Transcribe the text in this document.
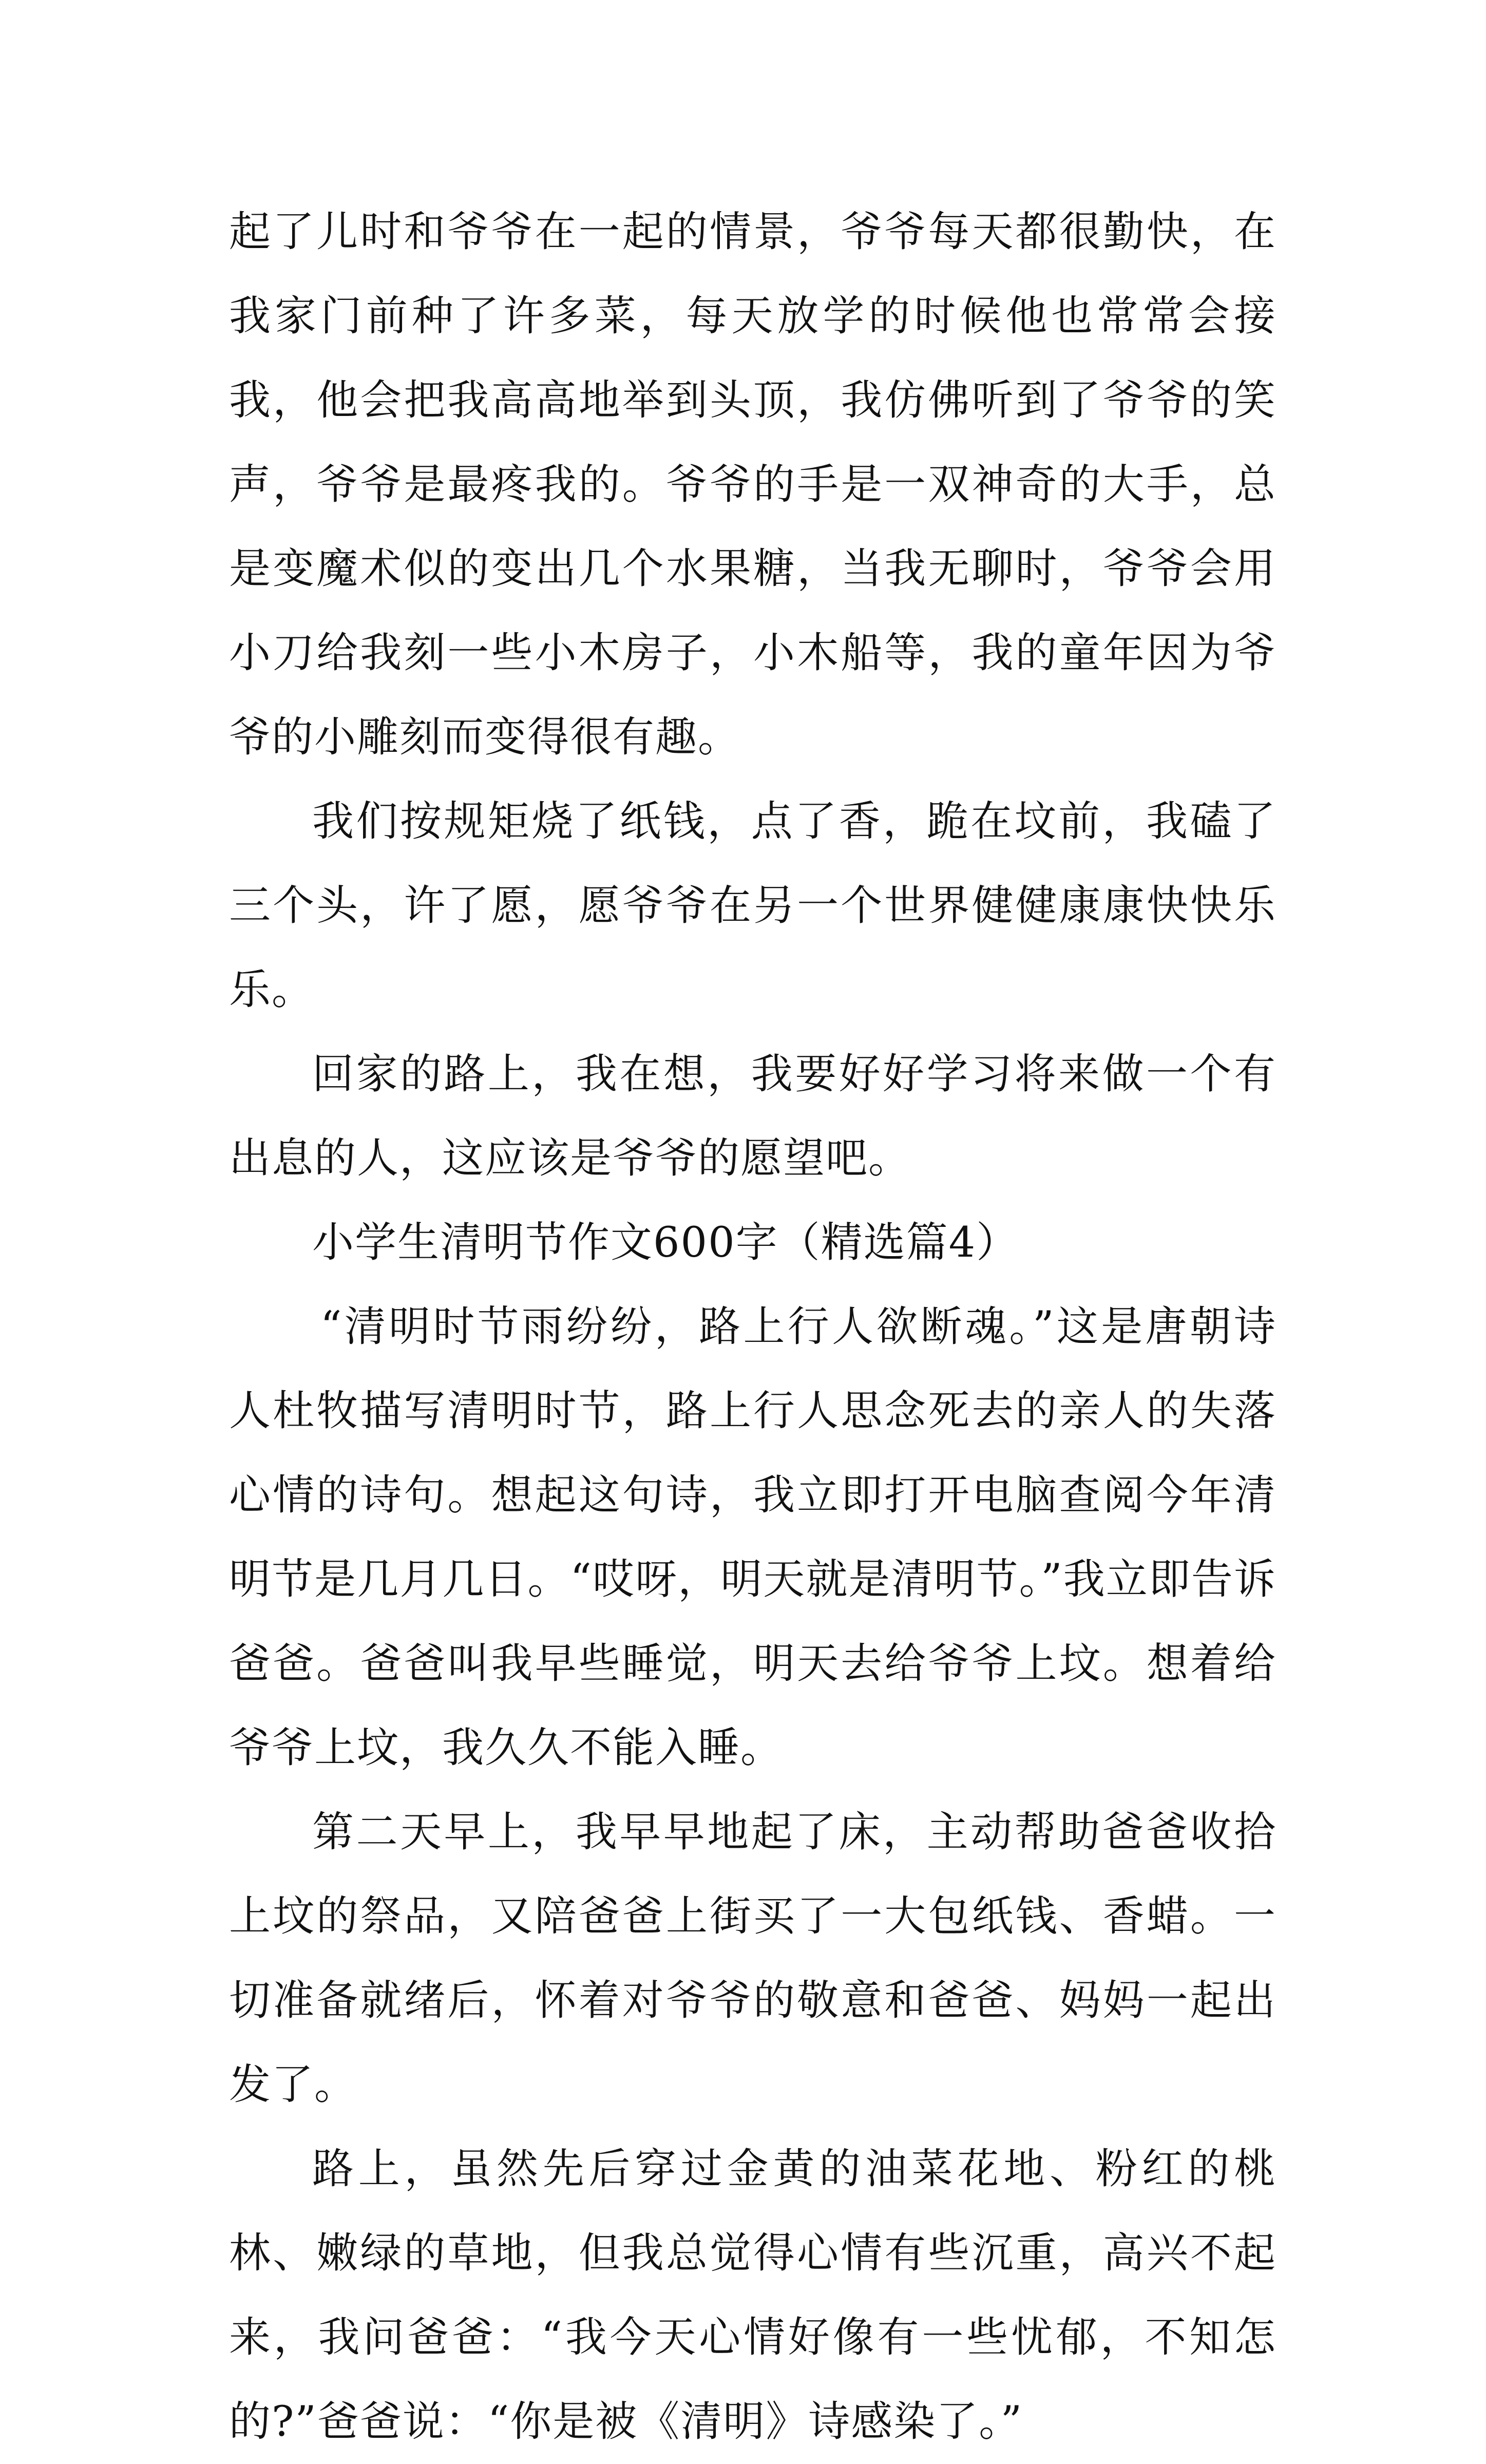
起了儿时和爷爷在一起的情景，爷爷每天都很勤快，在我家门前种了许多菜，每天放学的时候他也常常会接我，他会把我高高地举到头顶，我仿佛听到了爷爷的笑声，爷爷是最疼我的。爷爷的手是一双神奇的大手，总是变魔术似的变出几个水果糖，当我无聊时，爷爷会用小刀给我刻一些小木房子，小木船等，我的童年因为爷爷的小雕刻而变得很有趣。

我们按规矩烧了纸钱，点了香，跪在坟前，我磕了三个头，许了愿，愿爷爷在另一个世界健健康康快快乐乐。

回家的路上，我在想，我要好好学习将来做一个有出息的人，这应该是爷爷的愿望吧。

小学生清明节作文600字（精选篇4）

“清明时节雨纷纷，路上行人欲断魂。”这是唐朝诗人杜牧描写清明时节，路上行人思念死去的亲人的失落心情的诗句。想起这句诗，我立即打开电脑查阅今年清明节是几月几日。“哎呀，明天就是清明节。”我立即告诉爸爸。爸爸叫我早些睡觉，明天去给爷爷上坟。想着给爷爷上坟，我久久不能入睡。

第二天早上，我早早地起了床，主动帮助爸爸收拾上坟的祭品，又陪爸爸上街买了一大包纸钱、香蜡。一切准备就绪后，怀着对爷爷的敬意和爸爸、妈妈一起出发了。

路上，虽然先后穿过金黄的油菜花地、粉红的桃林、嫩绿的草地，但我总觉得心情有些沉重，高兴不起来，我问爸爸：“我今天心情好像有一些忧郁，不知怎的?”爸爸说：“你是被《清明》诗感染了。”
